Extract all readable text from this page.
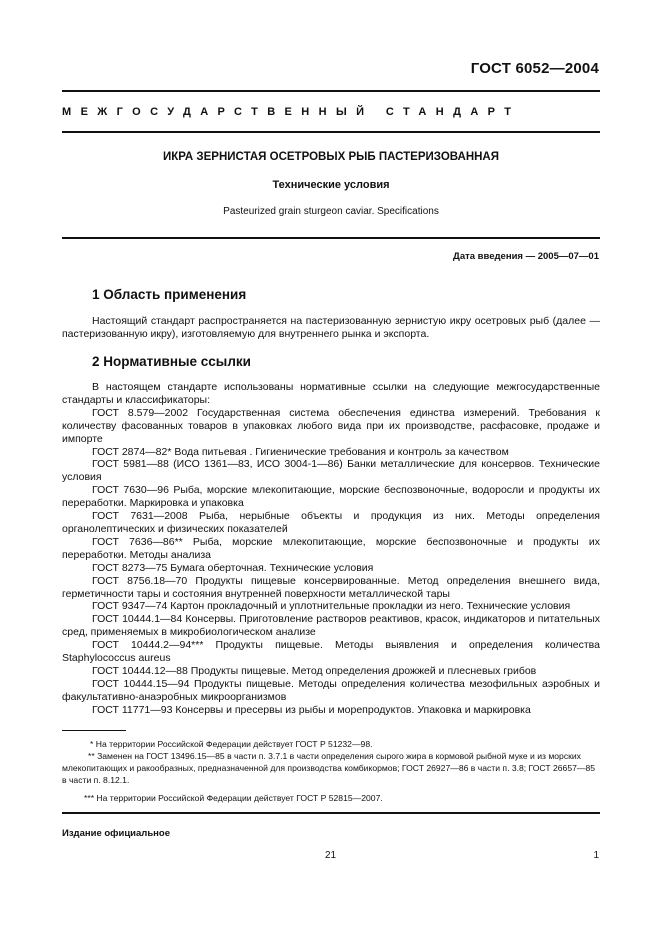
ГОСТ 6052—2004
МЕЖГОСУДАРСТВЕННЫЙ СТАНДАРТ
ИКРА ЗЕРНИСТАЯ ОСЕТРОВЫХ РЫБ ПАСТЕРИЗОВАННАЯ
Технические условия
Pasteurized grain sturgeon caviar. Specifications
Дата введения — 2005—07—01
1 Область применения

Настоящий стандарт распространяется на пастеризованную зернистую икру осетровых рыб (далее — пастеризованную икру), изготовляемую для внутреннего рынка и экспорта.

2 Нормативные ссылки

В настоящем стандарте использованы нормативные ссылки на следующие межгосударственные стандарты и классификаторы:

ГОСТ 8.579—2002 Государственная система обеспечения единства измерений. Требования к количеству фасованных товаров в упаковках любого вида при их производстве, расфасовке, продаже и импорте

ГОСТ 2874—82* Вода питьевая . Гигиенические требования и контроль за качеством

ГОСТ 5981—88 (ИСО 1361—83, ИСО 3004-1—86) Банки металлические для консервов. Технические условия

ГОСТ 7630—96 Рыба, морские млекопитающие, морские беспозвоночные, водоросли и продукты их переработки. Маркировка и упаковка

ГОСТ 7631—2008 Рыба, нерыбные объекты и продукция из них. Методы определения органолептических и физических показателей

ГОСТ 7636—86** Рыба, морские млекопитающие, морские беспозвоночные и продукты их переработки. Методы анализа

ГОСТ 8273—75 Бумага оберточная. Технические условия

ГОСТ 8756.18—70 Продукты пищевые консервированные. Метод определения внешнего вида, герметичности тары и состояния внутренней поверхности металлической тары

ГОСТ 9347—74 Картон прокладочный и уплотнительные прокладки из него. Технические условия

ГОСТ 10444.1—84 Консервы. Приготовление растворов реактивов, красок, индикаторов и питательных сред, применяемых в микробиологическом анализе

ГОСТ 10444.2—94*** Продукты пищевые. Методы выявления и определения количества Staphylococcus aureus

ГОСТ 10444.12—88 Продукты пищевые. Метод определения дрожжей и плесневых грибов

ГОСТ 10444.15—94 Продукты пищевые. Методы определения количества мезофильных аэробных и факультативно-анаэробных микроорганизмов

ГОСТ 11771—93 Консервы и пресервы из рыбы и морепродуктов. Упаковка и маркировка

* На территории Российской Федерации действует ГОСТ Р 51232—98.

** Заменен на ГОСТ 13496.15—85 в части п. 3.7.1 в части определения сырого жира в кормовой рыбной муке и из морских млекопитающих и ракообразных, предназначенной для производства комбикормов; ГОСТ 26927—86 в части п. 3.8; ГОСТ 26657—85 в части п. 8.12.1.

*** На территории Российской Федерации действует ГОСТ Р 52815—2007.

Издание официальное
21	1
